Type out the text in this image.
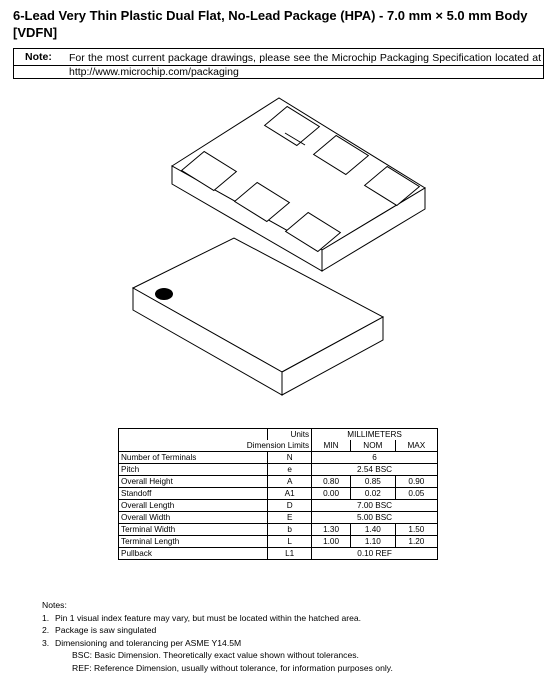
6-Lead Very Thin Plastic Dual Flat, No-Lead Package (HPA) - 7.0 mm × 5.0 mm Body [VDFN]
Note: For the most current package drawings, please see the Microchip Packaging Specification located at http://www.microchip.com/packaging
	Units	MILLIMETERS		
Dimension Limits		MIN	NOM	MAX
Number of Terminals	N	6		
Pitch	e	2.54 BSC		
Overall Height	A	0.80	0.85	0.90
Standoff	A1	0.00	0.02	0.05
Overall Length	D	7.00 BSC		
Overall Width	E	5.00 BSC		
Terminal Width	b	1.30	1.40	1.50
Terminal Length	L	1.00	1.10	1.20
Pullback	L1	0.10 REF		
Notes:
1. Pin 1 visual index feature may vary, but must be located within the hatched area.
2. Package is saw singulated
3. Dimensioning and tolerancing per ASME Y14.5M
BSC: Basic Dimension. Theoretically exact value shown without tolerances.
REF: Reference Dimension, usually without tolerance, for information purposes only.
